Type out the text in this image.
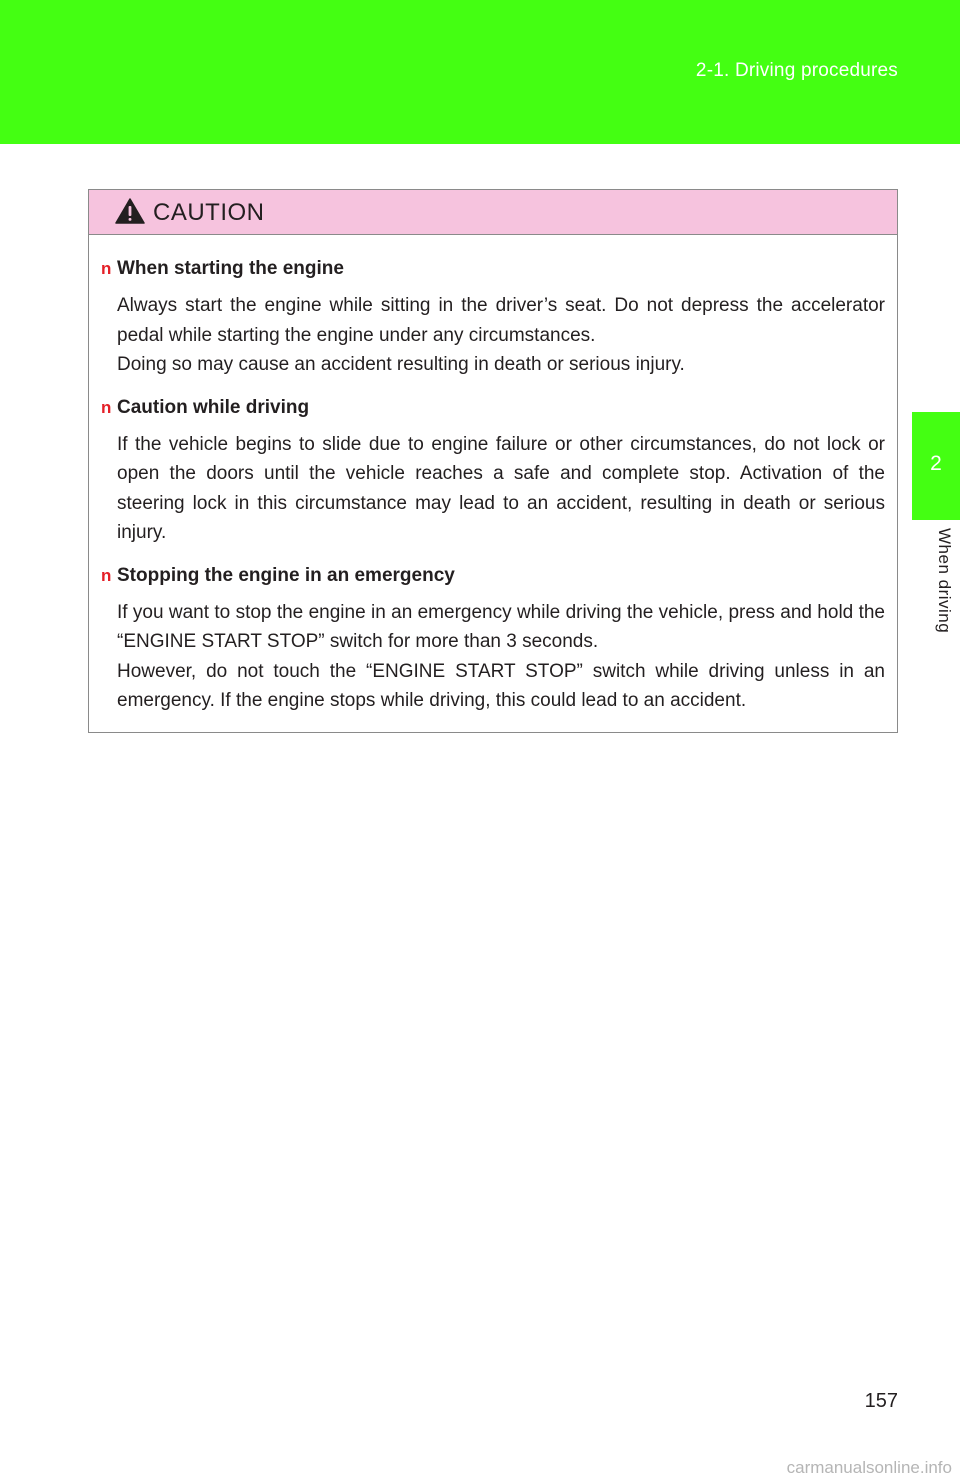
2-1. Driving procedures
2
When driving
CAUTION
n When starting the engine
Always start the engine while sitting in the driver’s seat. Do not depress the accelerator pedal while starting the engine under any circumstances.
Doing so may cause an accident resulting in death or serious injury.
n Caution while driving
If the vehicle begins to slide due to engine failure or other circumstances, do not lock or open the doors until the vehicle reaches a safe and complete stop. Activation of the steering lock in this circumstance may lead to an accident, resulting in death or serious injury.
n Stopping the engine in an emergency
If you want to stop the engine in an emergency while driving the vehicle, press and hold the “ENGINE START STOP” switch for more than 3 seconds.
However, do not touch the “ENGINE START STOP” switch while driving unless in an emergency. If the engine stops while driving, this could lead to an accident.
157
carmanualsonline.info
